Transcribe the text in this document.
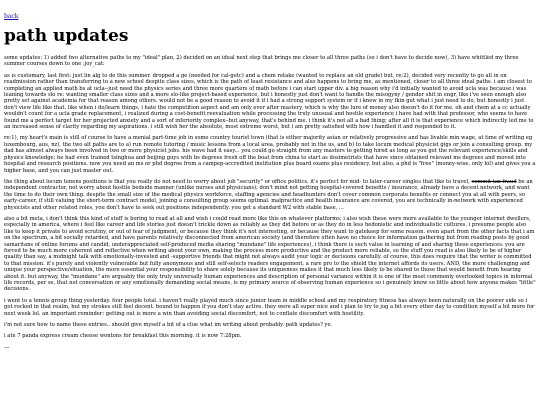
back
path updates

some updates: 1) added two alternative paths to my "ideal" plan, 2) decided on an ideal next step that brings me closer to all three paths (so i don't have to decide now), 3) have whittled my three summer courses down to one :joy_cat:

as is customary, last first: just lin alg to do this summer. dropped a ge (needed for cal-getc) and a chem retake (wanted to replace an old grade) but, re:2), decided very recently to go all in on readmission rather than transferring to a new school despite class sizes, which is the path of least resistance and also happens to bring me, as mentioned, closer to all three ideal paths. i am closest to completing an applied math bs at ucla--just need the physics series and three more quarters of math before i can start upper div. a big reason why i'd initially wanted to avoid ucla was because i was leaning towards slo re: wanting smaller class sizes and a more slo-like project-based experience, but i honestly just don't want to handle the misogyny / gender shit in engr, like i've seen enough also pretty set against academia for that reason among others. would not be a good reason to avoid it if i had a strong support system or if i knew in my fkin gut what i just need to do, but honestly i just don't view life like that. like when i do/learn things, i hate the competition aspect and am only ever after mastery, which is why the lure of money also doesn't do it for me. oh and chem at a cc actually wouldn't count for a ucla grade replacement, i realized during a cost-benefit reevaluation while processing the truly unusual and hostile experience i have had with that professor, who seems to have found me a perfect target for her projected anxiety and a sort of inferiority complex--but anyway, that's behind me. i think it's not all a bad thing; after all it is that experience which indirectly led me to an increased sense of clarity regarding my aspirations. i still wish her the absolute, most extreme worst, but i am pretty satisfied with how i handled it and responded to it.

re:1), my heart's main is still of course to have a menial part-time job in some country tourist town (that is either majority asian or relatively progressive and has livable min wage, at time of writing eg luxembourg, aus, nz), the two alt paths are to a) run remote tutoring / music lessons from a local area, probably not in the us, and b) to take locum medical physicist gigs or join a consulting group. my dad has almost always been involved in two or more physicist jobs. his wave had it easy... you could go straight from any masters to getting hired as long as you got the relevant experience/skills and physics knowledge; he had even trained tsinghua and beijing guys with bs degrees fresh off the boat from china to start as dosimetrists that have since obtained relevant ms degrees and moved into hospital and research positions. now you need an ms or phd degree from a campep-accredited institution plus board exams plus residency. but also, a phd is "free" (money-wise, only lol) and gives you a higher base, and you can just master out.

the thing about locum tenens positions is that you really do not need to worry about job "security" or office politics. it's perfect for mid- to later-career singles that like to travel, commit tax fraud be an independent contractor, not worry about hostile bedside manner (unlike nurses and physicians); don't mind not getting hospital-covered benefits / insurance, already have a decent network, and want the time to do their own thing. despite the small size of the medical physics workforce, staffing agencies and headhunters don't cover common corporate benefits or connect you at all with peers, so early-career, if still valuing the short-term contract model, joining a consulting group seems optimal. malpractice and health insurance are covered, you are technically in-network with experienced physicists and other related roles, you don't have to seek out positions independently. you get a standard W2 with stable base, ...

also a bit meta, i don't think this kind of stuff is boring to read at all and wish i could read more like this on whatever platforms; i also wish these were more available to the younger internet dwellers, especially in america, where i feel like career and life stories just doesn't trickle down as reliably as they did before or as they do in less hedonistic and individualistic cultures. i presume people also like to keep it private to avoid scrutiny, or out of fear of judgment, or because they think it's not interesting, or because they want to gatekeep for some reason. even apart from the other facts that i am on the spectrum, a bit socially retarded, and have parents relatively disconnected from american society (and therefore often have no choice for information gathering but from reading posts by good samaritans of online forums and candid, underappreciated self-produced media sharing "mundane" life experiences), i think there is such value in learning of and sharing these experiences. you are forced to be much more coherent and reflective when writing about your own, making the process more productive and the product more reliable, so the stuff you read is also likely to be of higher quality than say, a midnight talk with emotionally-invested and -supportive friends that might not always audit your logic or decisions carefully. of course, this does require that the writer is committed to that mission. it's purely and violently vulnerable but fully anonymous and still self-selects readers engagement, a rare pro to the shield the internet affords its users. AND, the more challenging and unique your perspective/situation, the more essential your responsibility to share solely because its uniqueness makes it that much less likely to be shared to those that would benefit from hearing about it. but anyway, the "mundane" are arguably the only truly universally human experiences and description of personal variance within it is one of the most commonly overlooked topics in informal life records, per se, that not conversation or any emotionally demanding social means, is my primary source of observing human experience so i genuinely know so little about how anyone makes "little" decisions.

i went to a tennis group thing yesterday. four people total. i haven't really played much since junior team in middle school and my respiratory fitness has always been naturally on the poorer side so i got rocked in that realm, but my strokes still feel decent. bound to happen if you don't stay active. they were all super nice and i plan to try to jog a bit every other day to condition myself a bit more for next week lol. an important reminder: getting out is more a win than avoiding social discomfort, not to conflate discomfort with hostility.

i'm not sure how to name these entries.. should give myself a bit of a clue what im writing about probably. path updates? ye.

i ate 7 panda express cream cheese wontons for breakfast this morning. it is now 7:28pm.

---
